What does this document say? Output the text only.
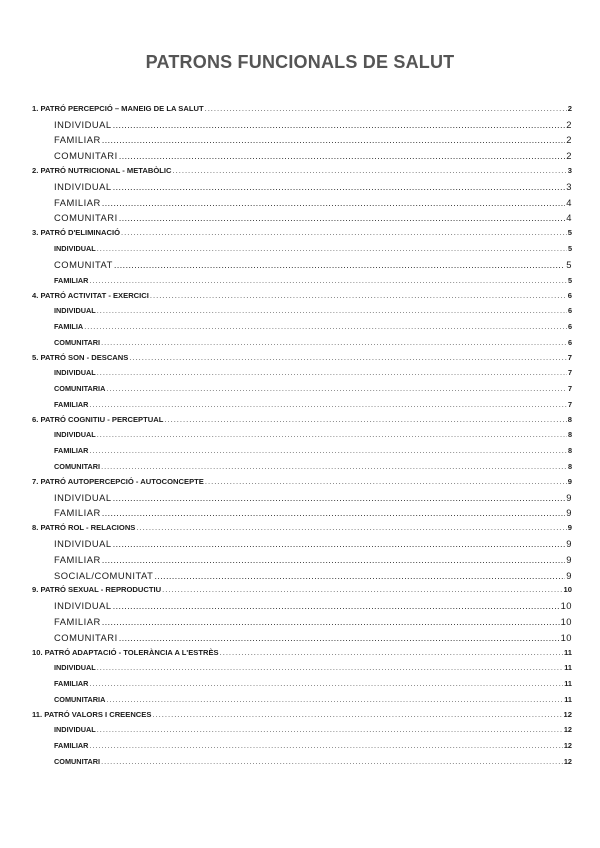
PATRONS FUNCIONALS DE SALUT
1. PATRÓ PERCEPCIÓ – MANEIG DE LA SALUT .....	2
INDIVIDUAL .....	2
FAMILIAR .....	2
COMUNITARI .....	2
2. PATRÓ NUTRICIONAL - METABÒLIC .....	3
INDIVIDUAL .....	3
FAMILIAR .....	4
COMUNITARI .....	4
3. PATRÓ D'ELIMINACIÓ .....	5
INDIVIDUAL .....	5
COMUNITAT .....	5
FAMILIAR .....	5
4. PATRÓ ACTIVITAT - EXERCICI .....	6
INDIVIDUAL .....	6
FAMILIA .....	6
COMUNITARI .....	6
5. PATRÓ SON - DESCANS .....	7
INDIVIDUAL .....	7
COMUNITARIA .....	7
FAMILIAR .....	7
6. PATRÓ COGNITIU - PERCEPTUAL .....	8
INDIVIDUAL .....	8
FAMILIAR .....	8
COMUNITARI .....	8
7. PATRÓ AUTOPERCEPCIÓ - AUTOCONCEPTE .....	9
INDIVIDUAL .....	9
FAMILIAR .....	9
8. PATRÓ ROL - RELACIONS .....	9
INDIVIDUAL .....	9
FAMILIAR .....	9
SOCIAL/COMUNITAT .....	9
9. PATRÓ SEXUAL - REPRODUCTIU .....	10
INDIVIDUAL .....	10
FAMILIAR .....	10
COMUNITARI .....	10
10. PATRÓ ADAPTACIÓ - TOLERÀNCIA A L'ESTRÈS .....	11
INDIVIDUAL .....	11
FAMILIAR .....	11
COMUNITARIA .....	11
11. PATRÓ VALORS I CREENCES .....	12
INDIVIDUAL .....	12
FAMILIAR .....	12
COMUNITARI .....	12
